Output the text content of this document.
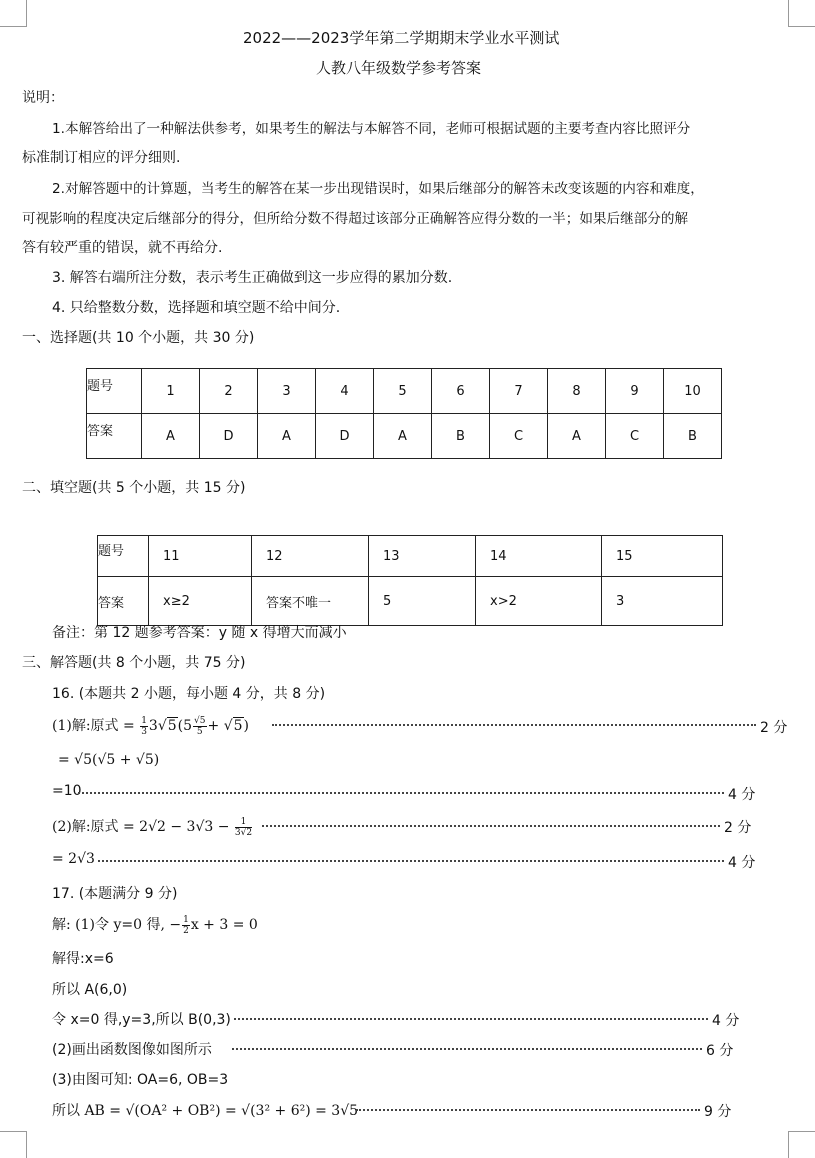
2022——2023学年第二学期期末学业水平测试
人教八年级数学参考答案
说明：
1.本解答给出了一种解法供参考，如果考生的解法与本解答不同，老师可根据试题的主要考查内容比照评分
标准制订相应的评分细则.
2.对解答题中的计算题，当考生的解答在某一步出现错误时，如果后继部分的解答未改变该题的内容和难度，
可视影响的程度决定后继部分的得分，但所给分数不得超过该部分正确解答应得分数的一半；如果后继部分的解
答有较严重的错误，就不再给分.
3. 解答右端所注分数，表示考生正确做到这一步应得的累加分数.
4. 只给整数分数，选择题和填空题不给中间分.
一、选择题(共 10 个小题，共 30 分)
题号	1	2	3	4	5	6	7	8	9	10
答案	A	D	A	D	A	B	C	A	C	B
二、填空题(共 5 个小题，共 15 分)
题号	11	12	13	14	15
答案	x≥2	答案不唯一	5	x>2	3
备注：第 12 题参考答案：y 随 x 得增大而减小
三、解答题(共 8 个小题，共 75 分)
16. (本题共 2 小题，每小题 4 分，共 8 分)
(1)解:原式 = $\frac{1}{3} 3√5(5 \frac{√5}{5} + √5)$	2 分
= √5(√5 + √5)
=10	4 分
(2)解:原式 = $2√2 - 3√3 - \frac{1}{3√2}$	2 分
= 2√3	4 分
17. (本题满分 9 分)
解: (1)令 y=0 得, − $\frac{1}{2}$ x + 3 = 0
解得:x=6
所以 A(6,0)
令 x=0 得,y=3,所以 B(0,3)	4 分
(2)画出函数图像如图所示	6 分
(3)由图可知: OA=6, OB=3
所以 AB = √(OA² + OB²) = √(3² + 6²) = 3√5	9 分
